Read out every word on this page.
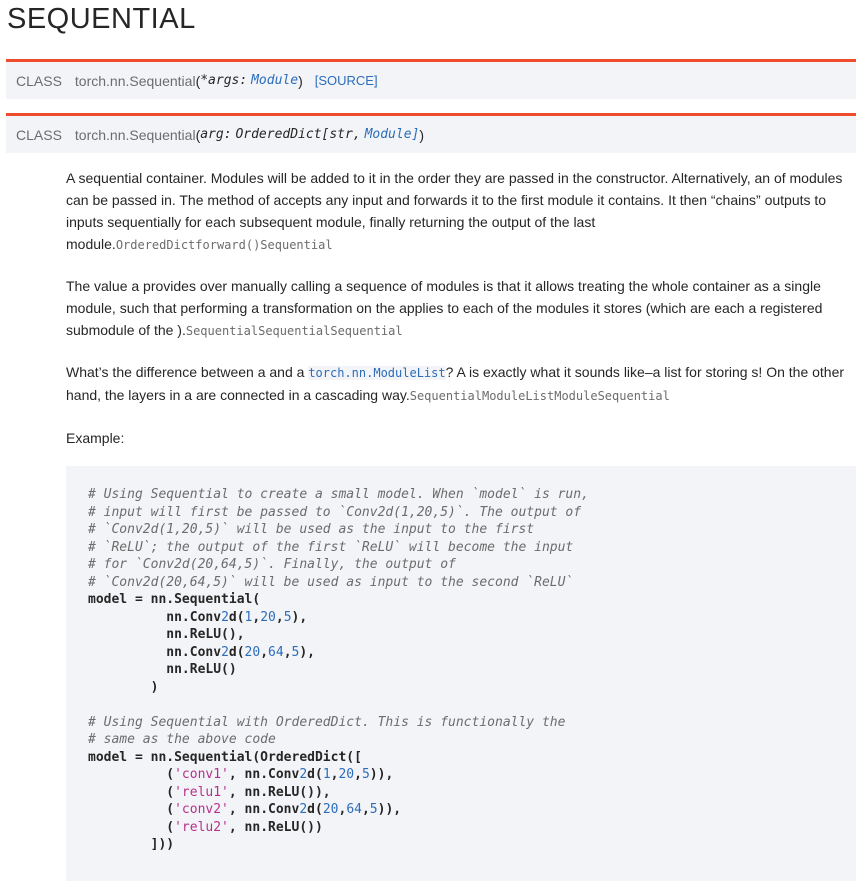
SEQUENTIAL
CLASS torch.nn.Sequential ( *args:
Module ) [SOURCE]
CLASS torch.nn.Sequential ( arg:
OrderedDict[str,
Module] )

A sequential container. Modules will be added to it in the order they are passed in the constructor. Alternatively, an of modules can be passed in. The method of accepts any input and forwards it to the first module it contains. It then “chains” outputs to inputs sequentially for each subsequent module, finally returning the output of the last module.OrderedDictforward()Sequential

The value a provides over manually calling a sequence of modules is that it allows treating the whole container as a single module, such that performing a transformation on the applies to each of the modules it stores (which are each a registered submodule of the ).SequentialSequentialSequential

What’s the difference between a and a torch.nn.ModuleList? A is exactly what it sounds like–a list for storing s! On the other hand, the layers in a are connected in a cascading way.SequentialModuleListModuleSequential

Example:

# Using Sequential to create a small model. When `model` is run,
# input will first be passed to `Conv2d(1,20,5)`. The output of
# `Conv2d(1,20,5)` will be used as the input to the first
# `ReLU`; the output of the first `ReLU` will become the input
# for `Conv2d(20,64,5)`. Finally, the output of
# `Conv2d(20,64,5)` will be used as input to the second `ReLU`
model = nn.Sequential(
nn.Conv2d(1,20,5),
nn.ReLU(),
nn.Conv2d(20,64,5),
nn.ReLU()
)
# Using Sequential with OrderedDict. This is functionally the
# same as the above code
model = nn.Sequential(OrderedDict([
('conv1', nn.Conv2d(1,20,5)),
('relu1', nn.ReLU()),
('conv2', nn.Conv2d(20,64,5)),
('relu2', nn.ReLU())
]))
